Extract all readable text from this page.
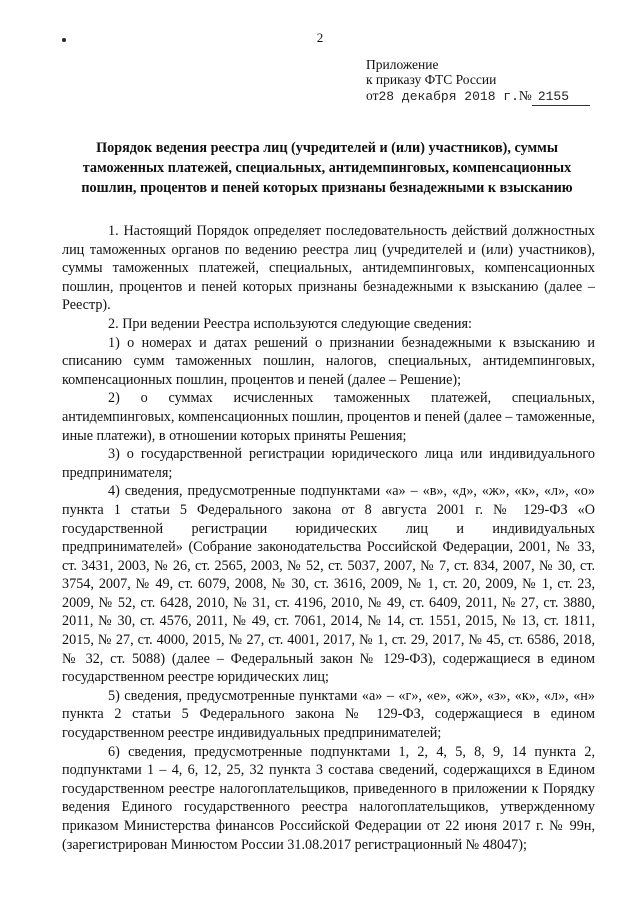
2
Приложение
к приказу ФТС России
от28 декабря 2018 г.№ 2155
Порядок ведения реестра лиц (учредителей и (или) участников), суммы
таможенных платежей, специальных, антидемпинговых, компенсационных
пошлин, процентов и пеней которых признаны безнадежными к взысканию

1. Настоящий Порядок определяет последовательность действий должностных лиц таможенных органов по ведению реестра лиц (учредителей и (или) участников), суммы таможенных платежей, специальных, антидемпинговых, компенсационных пошлин, процентов и пеней которых признаны безнадежными к взысканию (далее – Реестр).

2. При ведении Реестра используются следующие сведения:

1) о номерах и датах решений о признании безнадежными к взысканию и списанию сумм таможенных пошлин, налогов, специальных, антидемпинговых, компенсационных пошлин, процентов и пеней (далее – Решение);

2) о суммах исчисленных таможенных платежей, специальных, антидемпинговых, компенсационных пошлин, процентов и пеней (далее – таможенные, иные платежи), в отношении которых приняты Решения;

3) о государственной регистрации юридического лица или индивидуального предпринимателя;

4) сведения, предусмотренные подпунктами «а» – «в», «д», «ж», «к», «л», «о» пункта 1 статьи 5 Федерального закона от 8 августа 2001 г. № 129-ФЗ «О государственной регистрации юридических лиц и индивидуальных предпринимателей» (Собрание законодательства Российской Федерации, 2001, № 33, ст. 3431, 2003, № 26, ст. 2565, 2003, № 52, ст. 5037, 2007, № 7, ст. 834, 2007, № 30, ст. 3754, 2007, № 49, ст. 6079, 2008, № 30, ст. 3616, 2009, № 1, ст. 20, 2009, № 1, ст. 23, 2009, № 52, ст. 6428, 2010, № 31, ст. 4196, 2010, № 49, ст. 6409, 2011, № 27, ст. 3880, 2011, № 30, ст. 4576, 2011, № 49, ст. 7061, 2014, № 14, ст. 1551, 2015, № 13, ст. 1811, 2015, № 27, ст. 4000, 2015, № 27, ст. 4001, 2017, № 1, ст. 29, 2017, № 45, ст. 6586, 2018, № 32, ст. 5088) (далее – Федеральный закон № 129-ФЗ), содержащиеся в едином государственном реестре юридических лиц;

5) сведения, предусмотренные пунктами «а» – «г», «е», «ж», «з», «к», «л», «н» пункта 2 статьи 5 Федерального закона № 129-ФЗ, содержащиеся в едином государственном реестре индивидуальных предпринимателей;

6) сведения, предусмотренные подпунктами 1, 2, 4, 5, 8, 9, 14 пункта 2, подпунктами 1 – 4, 6, 12, 25, 32 пункта 3 состава сведений, содержащихся в Едином государственном реестре налогоплательщиков, приведенного в приложении к Порядку ведения Единого государственного реестра налогоплательщиков, утвержденному приказом Министерства финансов Российской Федерации от 22 июня 2017 г. № 99н, (зарегистрирован Минюстом России 31.08.2017 регистрационный № 48047);
